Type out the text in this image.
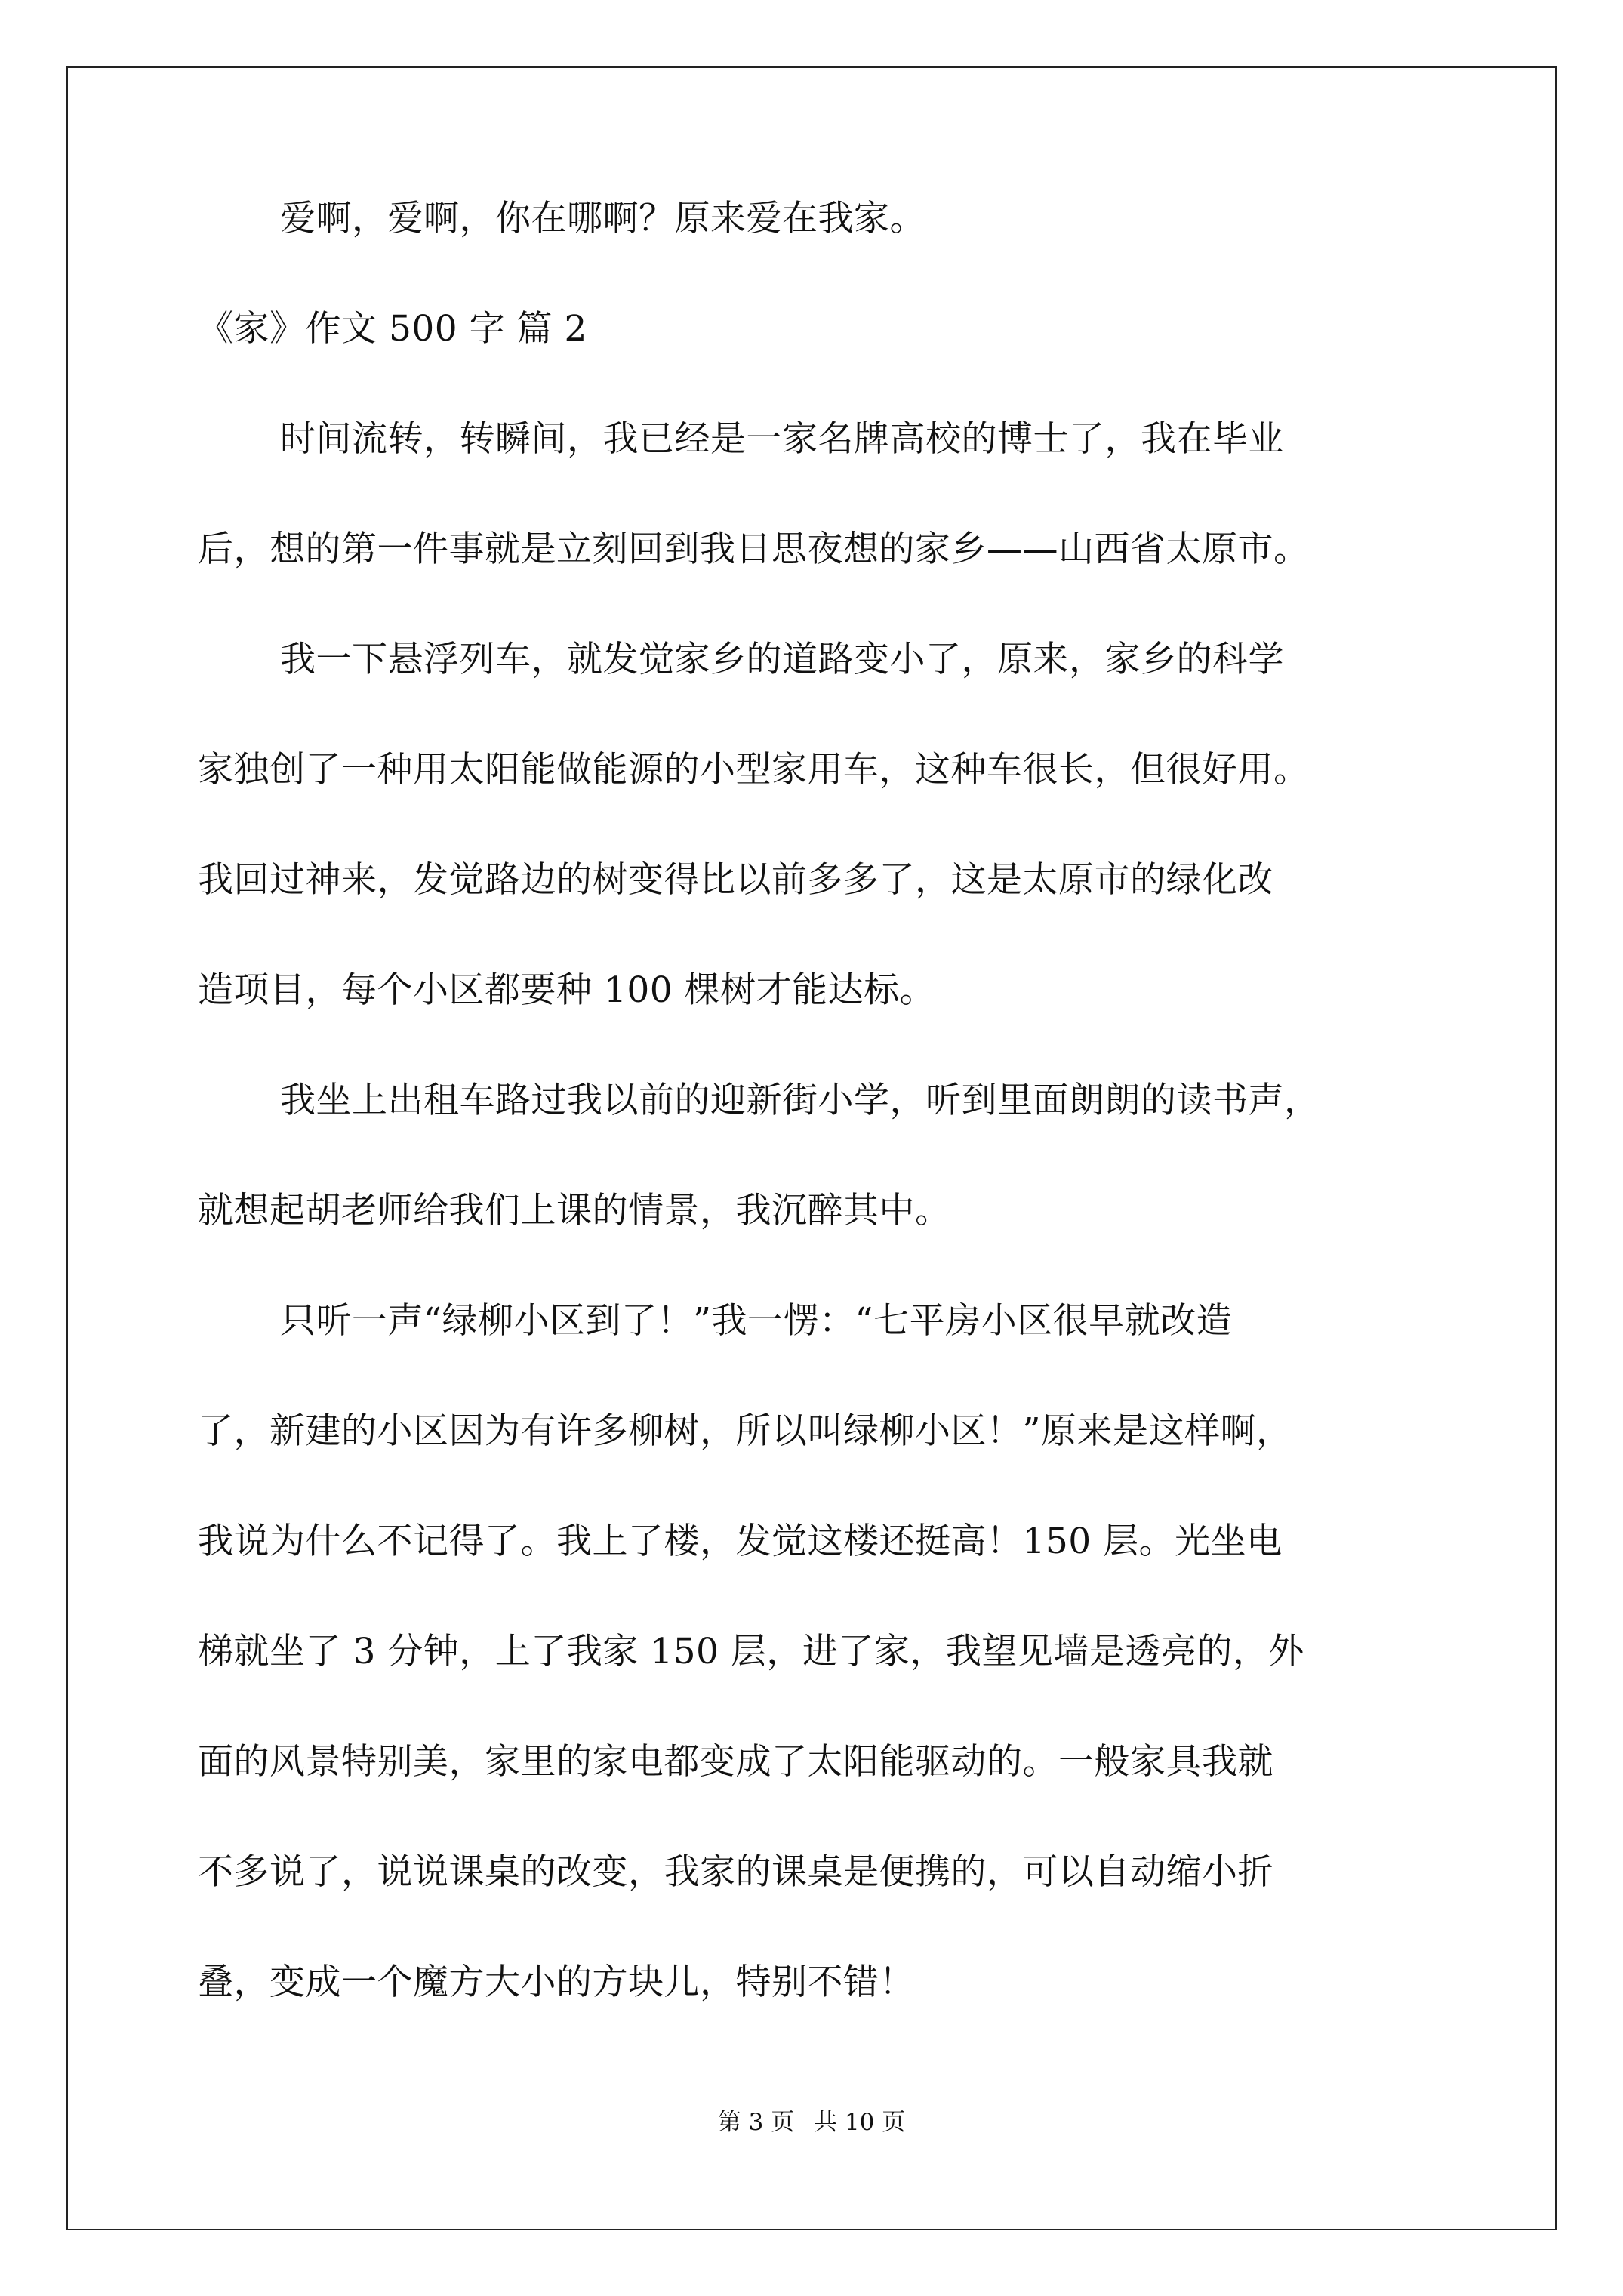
爱啊，爱啊，你在哪啊？原来爱在我家。
《家》作文 500 字 篇 2
时间流转，转瞬间，我已经是一家名牌高校的博士了，我在毕业
后，想的第一件事就是立刻回到我日思夜想的家乡——山西省太原市。
我一下悬浮列车，就发觉家乡的道路变小了，原来，家乡的科学
家独创了一种用太阳能做能源的小型家用车，这种车很长，但很好用。
我回过神来，发觉路边的树变得比以前多多了，这是太原市的绿化改
造项目，每个小区都要种 100 棵树才能达标。
我坐上出租车路过我以前的迎新街小学，听到里面朗朗的读书声，
就想起胡老师给我们上课的情景，我沉醉其中。
只听一声“绿柳小区到了！”我一愣：“七平房小区很早就改造
了，新建的小区因为有许多柳树，所以叫绿柳小区！”原来是这样啊，
我说为什么不记得了。我上了楼，发觉这楼还挺高！150 层。光坐电
梯就坐了 3 分钟，上了我家 150 层，进了家，我望见墙是透亮的，外
面的风景特别美，家里的家电都变成了太阳能驱动的。一般家具我就
不多说了，说说课桌的改变，我家的课桌是便携的，可以自动缩小折
叠，变成一个魔方大小的方块儿，特别不错！
第 3 页 共 10 页
